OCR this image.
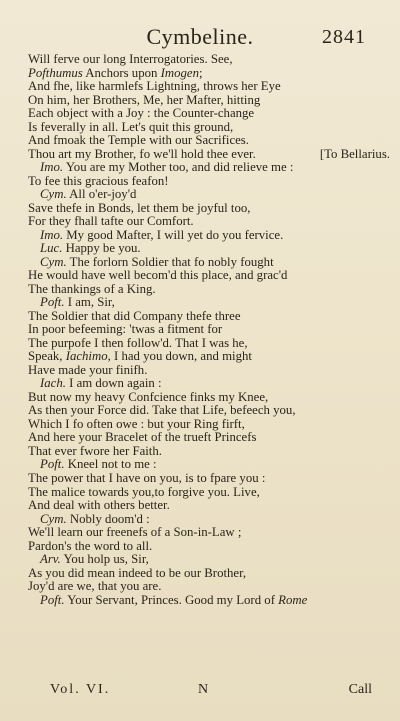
Cymbeline.	2841
Will ferve our long Interrogatories. See,
Pofthumus Anchors upon Imogen;
And fhe, like harmlefs Lightning, throws her Eye
On him, her Brothers, Me, her Mafter, hitting
Each object with a Joy : the Counter-change
Is feverally in all. Let's quit this ground,
And fmoak the Temple with our Sacrifices.
Thou art my Brother, fo we'll hold thee ever.	[To Bellarius.
Imo. You are my Mother too, and did relieve me :
To fee this gracious feafon!
Cym. All o'er-joy'd
Save thefe in Bonds, let them be joyful too,
For they fhall tafte our Comfort.
Imo. My good Mafter, I will yet do you fervice.
Luc. Happy be you.
Cym. The forlorn Soldier that fo nobly fought
He would have well becom'd this place, and grac'd
The thankings of a King.
Poft. I am, Sir,
The Soldier that did Company thefe three
In poor befeeming: 'twas a fitment for
The purpofe I then follow'd. That I was he,
Speak, Iachimo, I had you down, and might
Have made your finifh.
Iach. I am down again :
But now my heavy Confcience finks my Knee,
As then your Force did. Take that Life, befeech you,
Which I fo often owe : but your Ring firft,
And here your Bracelet of the trueft Princefs
That ever fwore her Faith.
Poft. Kneel not to me :
The power that I have on you, is to fpare you :
The malice towards you,to forgive you. Live,
And deal with others better.
Cym. Nobly doom'd :
We'll learn our freenefs of a Son-in-Law ;
Pardon's the word to all.
Arv. You holp us, Sir,
As you did mean indeed to be our Brother,
Joy'd are we, that you are.
Poft. Your Servant, Princes. Good my Lord of Rome
Vol. VI.	N	Call
